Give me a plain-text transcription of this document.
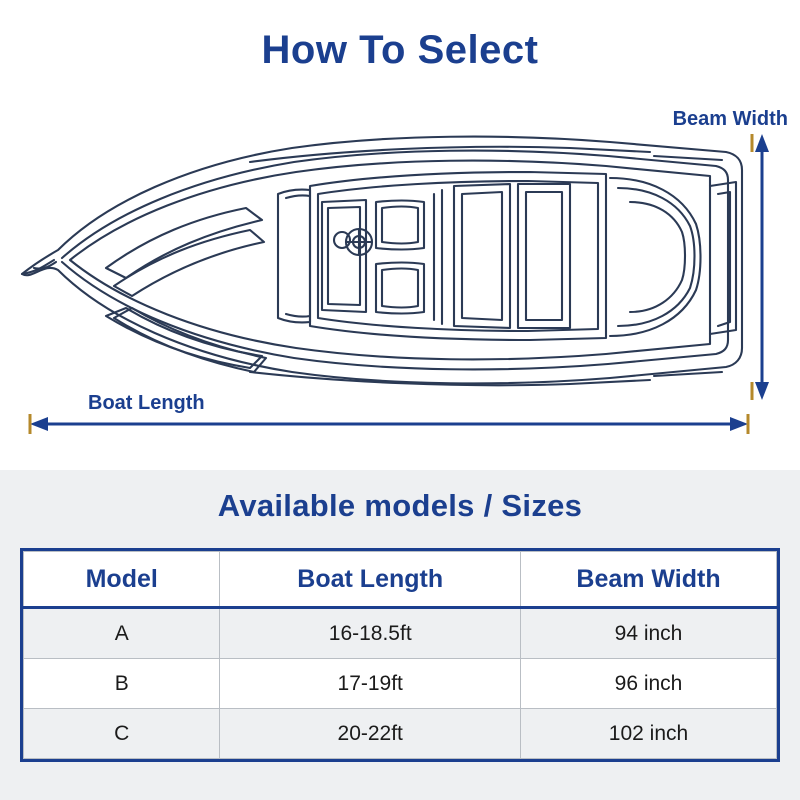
How To Select
Beam Width
Boat Length
Available models / Sizes
Model	Boat Length	Beam Width
A	16-18.5ft	94 inch
B	17-19ft	96 inch
C	20-22ft	102 inch
